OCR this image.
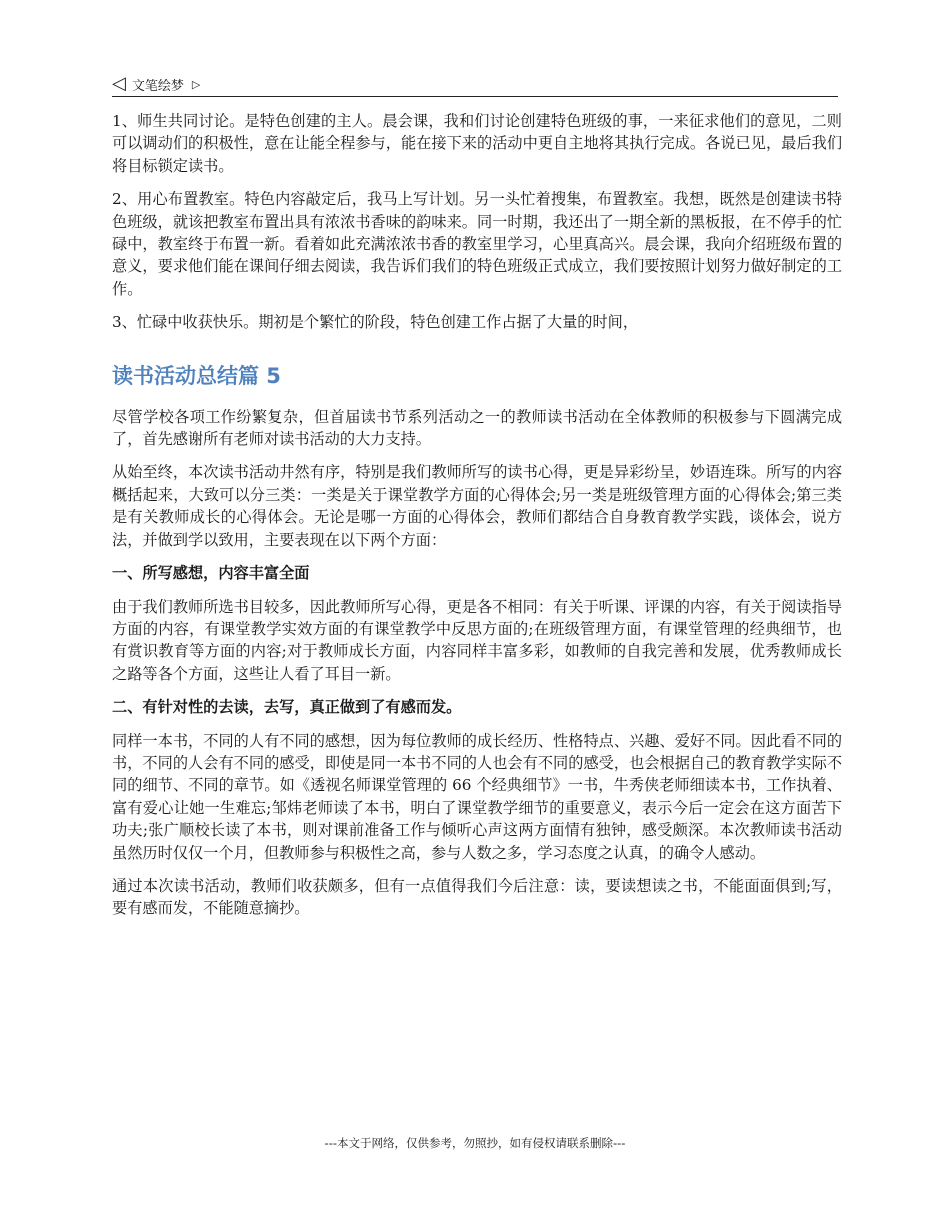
◁ 文笔绘梦 ▷

1、师生共同讨论。是特色创建的主人。晨会课，我和们讨论创建特色班级的事，一来征求他们的意见，二则可以调动们的积极性，意在让能全程参与，能在接下来的活动中更自主地将其执行完成。各说已见，最后我们将目标锁定读书。

2、用心布置教室。特色内容敲定后，我马上写计划。另一头忙着搜集，布置教室。我想，既然是创建读书特色班级，就该把教室布置出具有浓浓书香味的韵味来。同一时期，我还出了一期全新的黑板报，在不停手的忙碌中，教室终于布置一新。看着如此充满浓浓书香的教室里学习，心里真高兴。晨会课，我向介绍班级布置的意义，要求他们能在课间仔细去阅读，我告诉们我们的特色班级正式成立，我们要按照计划努力做好制定的工作。

3、忙碌中收获快乐。期初是个繁忙的阶段，特色创建工作占据了大量的时间，

读书活动总结篇 5

尽管学校各项工作纷繁复杂，但首届读书节系列活动之一的教师读书活动在全体教师的积极参与下圆满完成了，首先感谢所有老师对读书活动的大力支持。

从始至终，本次读书活动井然有序，特别是我们教师所写的读书心得，更是异彩纷呈，妙语连珠。所写的内容概括起来，大致可以分三类：一类是关于课堂教学方面的心得体会;另一类是班级管理方面的心得体会;第三类是有关教师成长的心得体会。无论是哪一方面的心得体会，教师们都结合自身教育教学实践，谈体会，说方法，并做到学以致用，主要表现在以下两个方面：

一、所写感想，内容丰富全面

由于我们教师所选书目较多，因此教师所写心得，更是各不相同：有关于听课、评课的内容，有关于阅读指导方面的内容，有课堂教学实效方面的有课堂教学中反思方面的;在班级管理方面，有课堂管理的经典细节，也有赏识教育等方面的内容;对于教师成长方面，内容同样丰富多彩，如教师的自我完善和发展，优秀教师成长之路等各个方面，这些让人看了耳目一新。

二、有针对性的去读，去写，真正做到了有感而发。

同样一本书，不同的人有不同的感想，因为每位教师的成长经历、性格特点、兴趣、爱好不同。因此看不同的书，不同的人会有不同的感受，即使是同一本书不同的人也会有不同的感受，也会根据自己的教育教学实际不同的细节、不同的章节。如《透视名师课堂管理的 66 个经典细节》一书，牛秀侠老师细读本书，工作执着、富有爱心让她一生难忘;邹炜老师读了本书，明白了课堂教学细节的重要意义，表示今后一定会在这方面苦下功夫;张广顺校长读了本书，则对课前准备工作与倾听心声这两方面情有独钟，感受颇深。本次教师读书活动虽然历时仅仅一个月，但教师参与积极性之高，参与人数之多，学习态度之认真，的确令人感动。

通过本次读书活动，教师们收获颇多，但有一点值得我们今后注意：读，要读想读之书，不能面面俱到;写，要有感而发，不能随意摘抄。

---本文于网络，仅供参考，勿照抄，如有侵权请联系删除---
